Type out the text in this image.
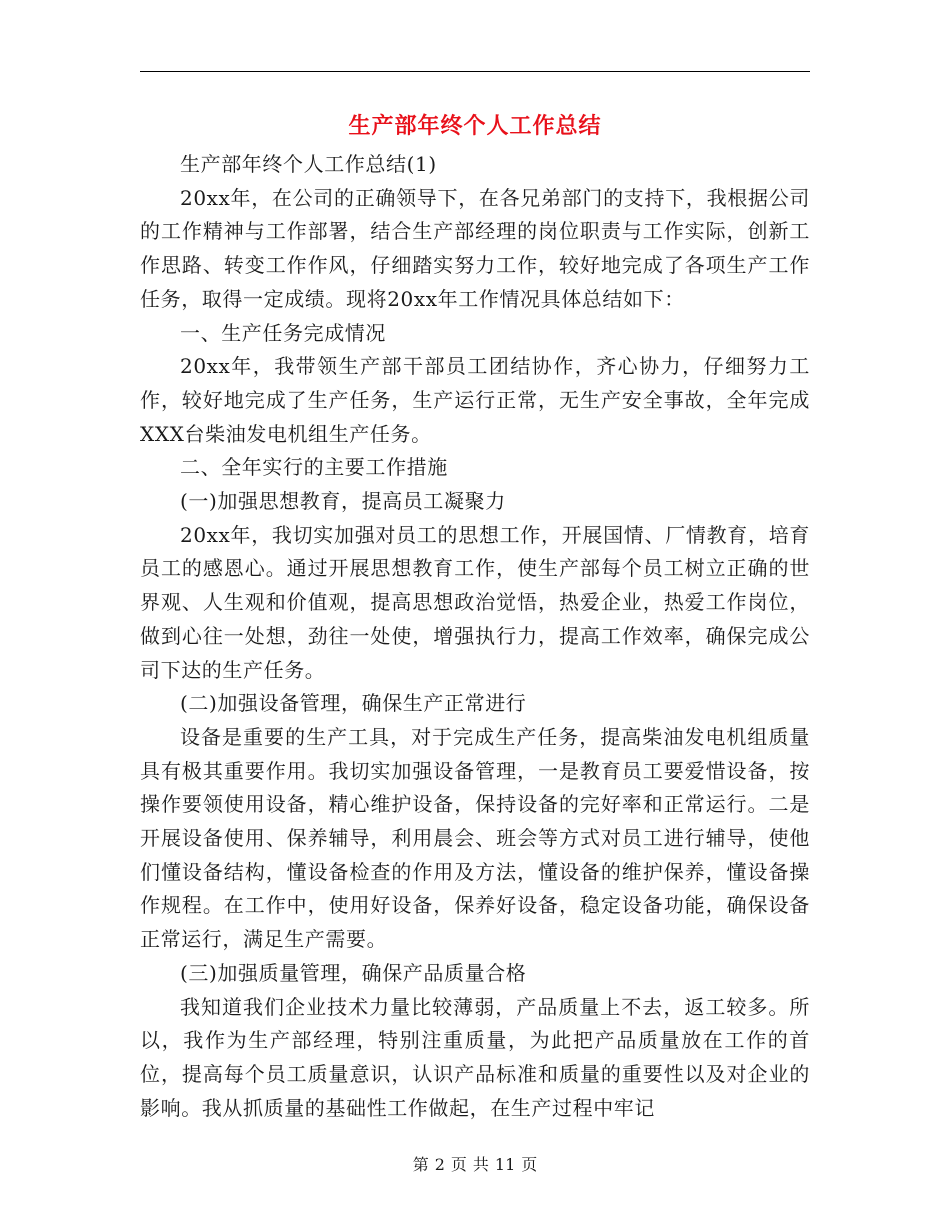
生产部年终个人工作总结

生产部年终个人工作总结(1)

20xx年，在公司的正确领导下，在各兄弟部门的支持下，我根据公司的工作精神与工作部署，结合生产部经理的岗位职责与工作实际，创新工作思路、转变工作作风，仔细踏实努力工作，较好地完成了各项生产工作任务，取得一定成绩。现将20xx年工作情况具体总结如下：

一、生产任务完成情况

20xx年，我带领生产部干部员工团结协作，齐心协力，仔细努力工作，较好地完成了生产任务，生产运行正常，无生产安全事故，全年完成XXX台柴油发电机组生产任务。

二、全年实行的主要工作措施

(一)加强思想教育，提高员工凝聚力

20xx年，我切实加强对员工的思想工作，开展国情、厂情教育，培育员工的感恩心。通过开展思想教育工作，使生产部每个员工树立正确的世界观、人生观和价值观，提高思想政治觉悟，热爱企业，热爱工作岗位，做到心往一处想，劲往一处使，增强执行力，提高工作效率，确保完成公司下达的生产任务。

(二)加强设备管理，确保生产正常进行

设备是重要的生产工具，对于完成生产任务，提高柴油发电机组质量具有极其重要作用。我切实加强设备管理，一是教育员工要爱惜设备，按操作要领使用设备，精心维护设备，保持设备的完好率和正常运行。二是开展设备使用、保养辅导，利用晨会、班会等方式对员工进行辅导，使他们懂设备结构，懂设备检查的作用及方法，懂设备的维护保养，懂设备操作规程。在工作中，使用好设备，保养好设备，稳定设备功能，确保设备正常运行，满足生产需要。

(三)加强质量管理，确保产品质量合格

我知道我们企业技术力量比较薄弱，产品质量上不去，返工较多。所以，我作为生产部经理，特别注重质量，为此把产品质量放在工作的首位，提高每个员工质量意识，认识产品标准和质量的重要性以及对企业的影响。我从抓质量的基础性工作做起，在生产过程中牢记

第 2 页 共 11 页
